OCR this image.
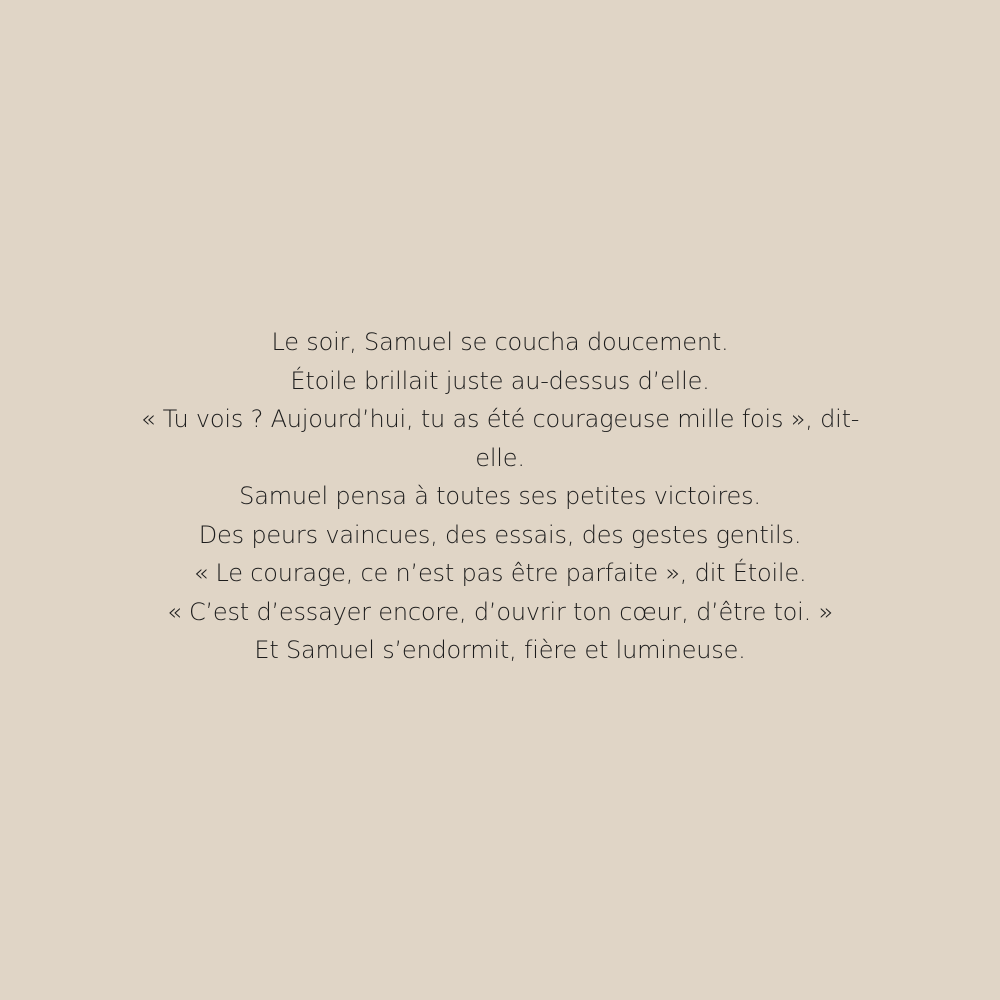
Le soir, Samuel se coucha doucement.
Étoile brillait juste au-dessus d’elle.
« Tu vois ? Aujourd’hui, tu as été courageuse mille fois », dit-
elle.
Samuel pensa à toutes ses petites victoires.
Des peurs vaincues, des essais, des gestes gentils.
« Le courage, ce n’est pas être parfaite », dit Étoile.
« C’est d’essayer encore, d’ouvrir ton cœur, d’être toi. »
Et Samuel s’endormit, fière et lumineuse.
